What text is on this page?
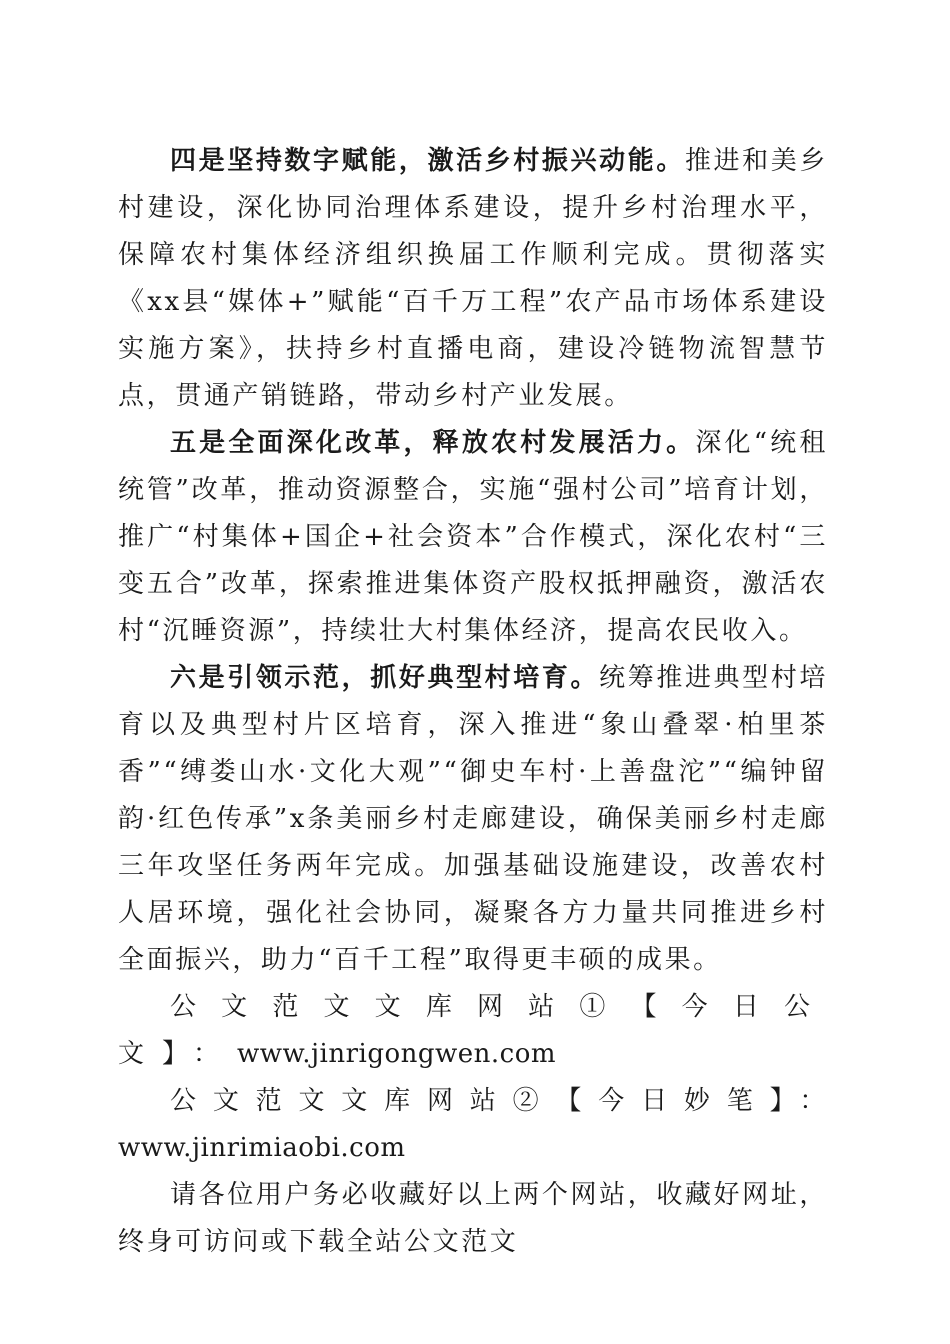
四是坚持数字赋能，激活乡村振兴动能。推进和美乡村建设，深化协同治理体系建设，提升乡村治理水平，保障农村集体经济组织换届工作顺利完成。贯彻落实《xx县“媒体+”赋能“百千万工程”农产品市场体系建设实施方案》，扶持乡村直播电商，建设冷链物流智慧节点，贯通产销链路，带动乡村产业发展。

五是全面深化改革，释放农村发展活力。深化“统租统管”改革，推动资源整合，实施“强村公司”培育计划，推广“村集体+国企+社会资本”合作模式，深化农村“三变五合”改革，探索推进集体资产股权抵押融资，激活农村“沉睡资源”，持续壮大村集体经济，提高农民收入。

六是引领示范，抓好典型村培育。统筹推进典型村培育以及典型村片区培育，深入推进“象山叠翠·柏里茶香”“缚娄山水·文化大观”“御史车村·上善盘沱”“编钟留韵·红色传承”x条美丽乡村走廊建设，确保美丽乡村走廊三年攻坚任务两年完成。加强基础设施建设，改善农村人居环境，强化社会协同，凝聚各方力量共同推进乡村全面振兴，助力“百千工程”取得更丰硕的成果。

公文范文文库网站①【今日公文】：www.jinrigongwen.com

公文范文文库网站②【今日妙笔】：www.jinrimiaobi.com

请各位用户务必收藏好以上两个网站，收藏好网址，终身可访问或下载全站公文范文
